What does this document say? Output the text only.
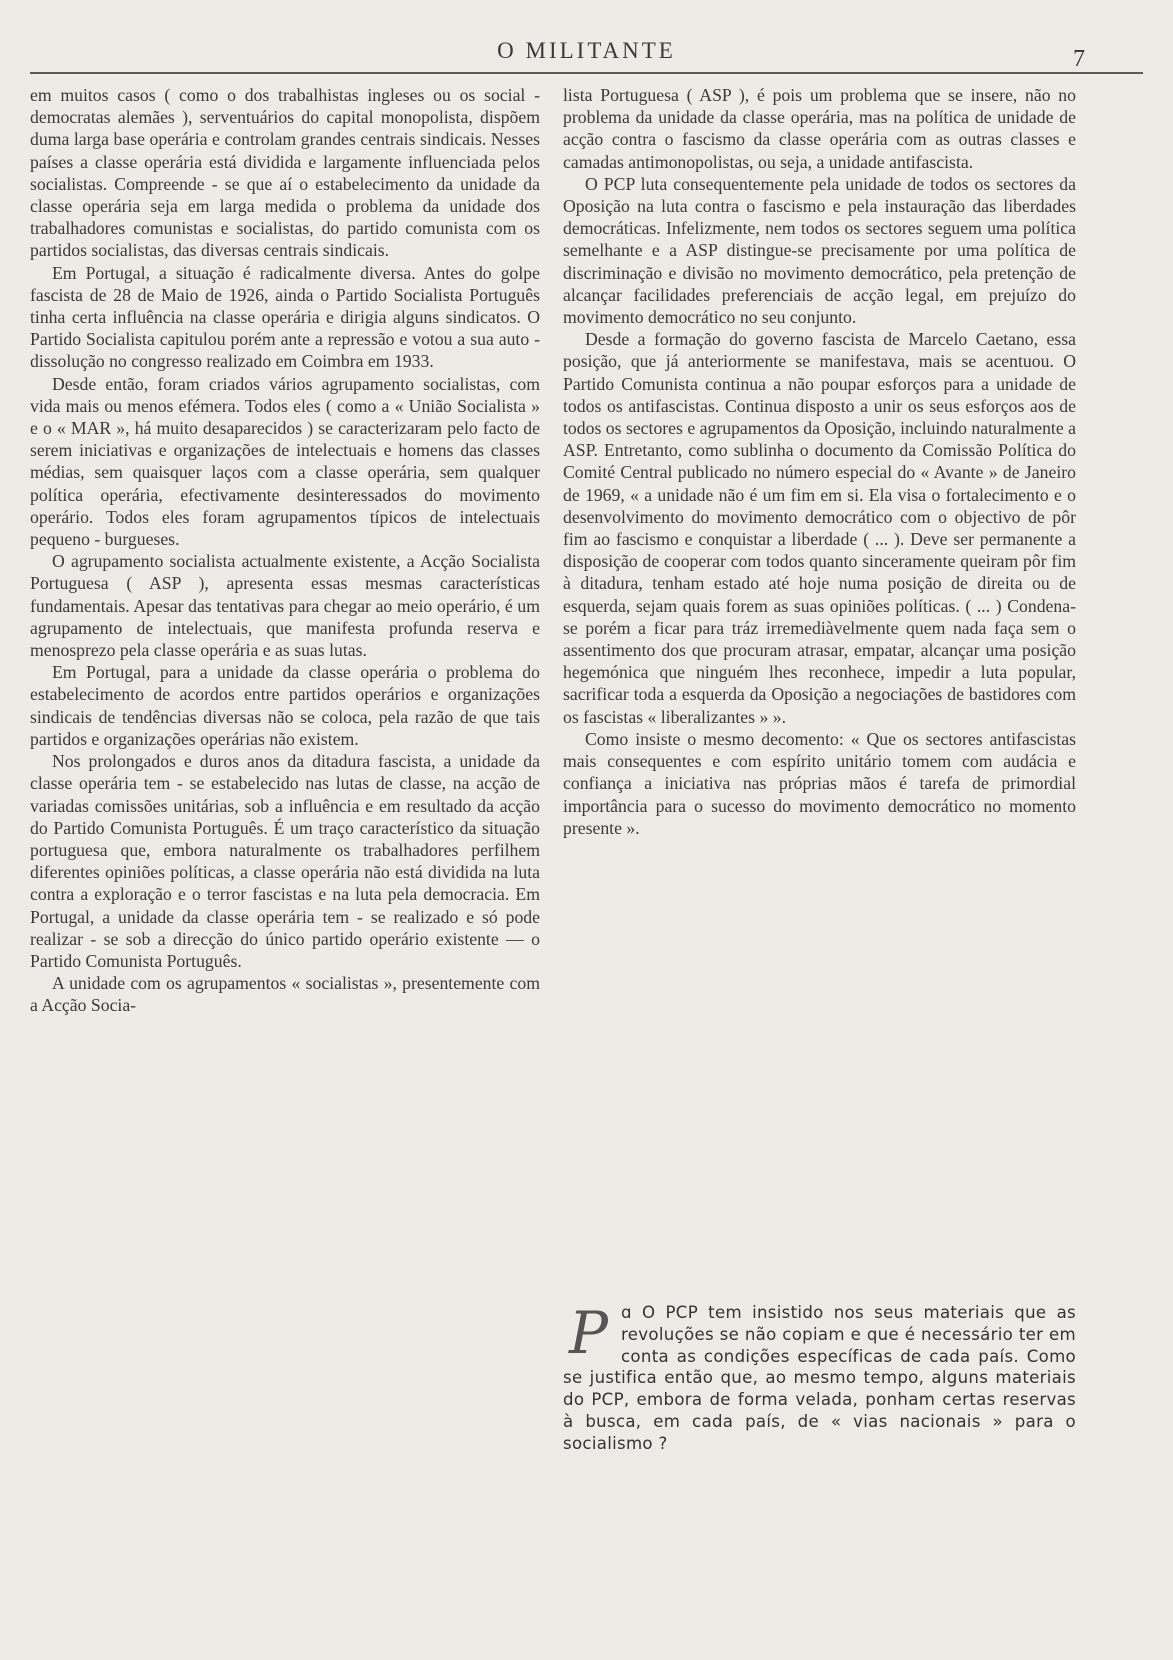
O MILITANTE	7

em muitos casos ( como o dos trabalhistas ingleses ou os social - democratas alemães ), serventuários do capital monopolista, dispõem duma larga base operária e controlam grandes centrais sindicais. Nesses países a classe operária está dividida e largamente influenciada pelos socialistas. Compreende - se que aí o estabelecimento da unidade da classe operária seja em larga medida o problema da unidade dos trabalhadores comunistas e socialistas, do partido comunista com os partidos socialistas, das diversas centrais sindicais.

Em Portugal, a situação é radicalmente diversa. Antes do golpe fascista de 28 de Maio de 1926, ainda o Partido Socialista Português tinha certa influência na classe operária e dirigia alguns sindicatos. O Partido Socialista capitulou porém ante a repressão e votou a sua auto - dissolução no congresso realizado em Coimbra em 1933.

Desde então, foram criados vários agrupamento socialistas, com vida mais ou menos efémera. Todos eles ( como a « União Socialista » e o « MAR », há muito desaparecidos ) se caracterizaram pelo facto de serem iniciativas e organizações de intelectuais e homens das classes médias, sem quaisquer laços com a classe operária, sem qualquer política operária, efectivamente desinteressados do movimento operário. Todos eles foram agrupamentos típicos de intelectuais pequeno - burgueses.

O agrupamento socialista actualmente existente, a Acção Socialista Portuguesa ( ASP ), apresenta essas mesmas características fundamentais. Apesar das tentativas para chegar ao meio operário, é um agrupamento de intelectuais, que manifesta profunda reserva e menosprezo pela classe operária e as suas lutas.

Em Portugal, para a unidade da classe operária o problema do estabelecimento de acordos entre partidos operários e organizações sindicais de tendências diversas não se coloca, pela razão de que tais partidos e organizações operárias não existem.

Nos prolongados e duros anos da ditadura fascista, a unidade da classe operária tem - se estabelecido nas lutas de classe, na acção de variadas comissões unitárias, sob a influência e em resultado da acção do Partido Comunista Português. É um traço característico da situação portuguesa que, embora naturalmente os trabalhadores perfilhem diferentes opiniões políticas, a classe operária não está dividida na luta contra a exploração e o terror fascistas e na luta pela democracia. Em Portugal, a unidade da classe operária tem - se realizado e só pode realizar - se sob a direcção do único partido operário existente — o Partido Comunista Português.

A unidade com os agrupamentos « socialistas », presentemente com a Acção Socia-

lista Portuguesa ( ASP ), é pois um problema que se insere, não no problema da unidade da classe operária, mas na política de unidade de acção contra o fascismo da classe operária com as outras classes e camadas antimonopolistas, ou seja, a unidade antifascista.

O PCP luta consequentemente pela unidade de todos os sectores da Oposição na luta contra o fascismo e pela instauração das liberdades democráticas. Infelizmente, nem todos os sectores seguem uma política semelhante e a ASP distingue-se precisamente por uma política de discriminação e divisão no movimento democrático, pela pretenção de alcançar facilidades preferenciais de acção legal, em prejuízo do movimento democrático no seu conjunto.

Desde a formação do governo fascista de Marcelo Caetano, essa posição, que já anteriormente se manifestava, mais se acentuou. O Partido Comunista continua a não poupar esforços para a unidade de todos os antifascistas. Continua disposto a unir os seus esforços aos de todos os sectores e agrupamentos da Oposição, incluindo naturalmente a ASP. Entretanto, como sublinha o documento da Comissão Política do Comité Central publicado no número especial do « Avante » de Janeiro de 1969, « a unidade não é um fim em si. Ela visa o fortalecimento e o desenvolvimento do movimento democrático com o objectivo de pôr fim ao fascismo e conquistar a liberdade ( ... ). Deve ser permanente a disposição de cooperar com todos quanto sinceramente queiram pôr fim à ditadura, tenham estado até hoje numa posição de direita ou de esquerda, sejam quais forem as suas opiniões políticas. ( ... ) Condena-se porém a ficar para tráz irremediàvelmente quem nada faça sem o assentimento dos que procuram atrasar, empatar, alcançar uma posição hegemónica que ninguém lhes reconhece, impedir a luta popular, sacrificar toda a esquerda da Oposição a negociações de bastidores com os fascistas « liberalizantes » ».

Como insiste o mesmo decomento: « Que os sectores antifascistas mais consequentes e com espírito unitário tomem com audácia e confiança a iniciativa nas próprias mãos é tarefa de primordial importância para o sucesso do movimento democrático no momento presente ».

P ɑ O PCP tem insistido nos seus materiais que as revoluções se não copiam e que é necessário ter em conta as condições específicas de cada país. Como se justifica então que, ao mesmo tempo, alguns materiais do PCP, embora de forma velada, ponham certas reservas à busca, em cada país, de « vias nacionais » para o socialismo ?
